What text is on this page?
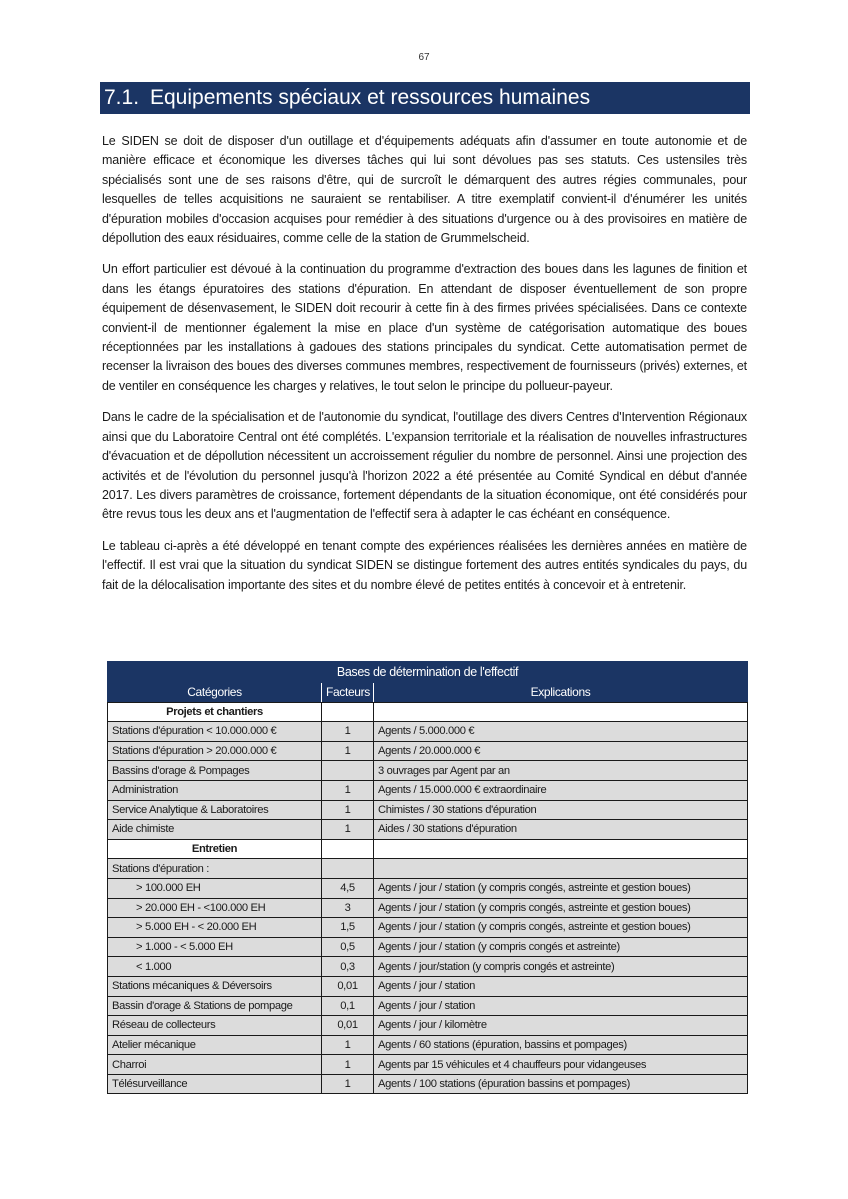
67
7.1. Equipements spéciaux et ressources humaines

Le SIDEN se doit de disposer d'un outillage et d'équipements adéquats afin d'assumer en toute autonomie et de manière efficace et économique les diverses tâches qui lui sont dévolues pas ses statuts. Ces ustensiles très spécialisés sont une de ses raisons d'être, qui de surcroît le démarquent des autres régies communales, pour lesquelles de telles acquisitions ne sauraient se rentabiliser. A titre exemplatif convient-il d'énumérer les unités d'épuration mobiles d'occasion acquises pour remédier à des situations d'urgence ou à des provisoires en matière de dépollution des eaux résiduaires, comme celle de la station de Grummelscheid.

Un effort particulier est dévoué à la continuation du programme d'extraction des boues dans les lagunes de finition et dans les étangs épuratoires des stations d'épuration. En attendant de disposer éventuellement de son propre équipement de désenvasement, le SIDEN doit recourir à cette fin à des firmes privées spécialisées. Dans ce contexte convient-il de mentionner également la mise en place d'un système de catégorisation automatique des boues réceptionnées par les installations à gadoues des stations principales du syndicat. Cette automatisation permet de recenser la livraison des boues des diverses communes membres, respectivement de fournisseurs (privés) externes, et de ventiler en conséquence les charges y relatives, le tout selon le principe du pollueur-payeur.

Dans le cadre de la spécialisation et de l'autonomie du syndicat, l'outillage des divers Centres d'Intervention Régionaux ainsi que du Laboratoire Central ont été complétés. L'expansion territoriale et la réalisation de nouvelles infrastructures d'évacuation et de dépollution nécessitent un accroissement régulier du nombre de personnel. Ainsi une projection des activités et de l'évolution du personnel jusqu'à l'horizon 2022 a été présentée au Comité Syndical en début d'année 2017. Les divers paramètres de croissance, fortement dépendants de la situation économique, ont été considérés pour être revus tous les deux ans et l'augmentation de l'effectif sera à adapter le cas échéant en conséquence.

Le tableau ci-après a été développé en tenant compte des expériences réalisées les dernières années en matière de l'effectif. Il est vrai que la situation du syndicat SIDEN se distingue fortement des autres entités syndicales du pays, du fait de la délocalisation importante des sites et du nombre élevé de petites entités à concevoir et à entretenir.

Bases de détermination de l'effectif		
Catégories	Facteurs	Explications
Projets et chantiers		
Stations d'épuration < 10.000.000 €	1	Agents / 5.000.000 €
Stations d'épuration > 20.000.000 €	1	Agents / 20.000.000 €
Bassins d'orage & Pompages		3 ouvrages par Agent par an
Administration	1	Agents / 15.000.000 € extraordinaire
Service Analytique & Laboratoires	1	Chimistes / 30 stations d'épuration
Aide chimiste	1	Aides / 30 stations d'épuration
Entretien		
Stations d'épuration :		
> 100.000 EH	4,5	Agents / jour / station (y compris congés, astreinte et gestion boues)
> 20.000 EH - <100.000 EH	3	Agents / jour / station (y compris congés, astreinte et gestion boues)
> 5.000 EH - < 20.000 EH	1,5	Agents / jour / station (y compris congés, astreinte et gestion boues)
> 1.000 - < 5.000 EH	0,5	Agents / jour / station (y compris congés et astreinte)
< 1.000	0,3	Agents / jour/station (y compris congés et astreinte)
Stations mécaniques & Déversoirs	0,01	Agents / jour / station
Bassin d'orage & Stations de pompage	0,1	Agents / jour / station
Réseau de collecteurs	0,01	Agents / jour / kilomètre
Atelier mécanique	1	Agents / 60 stations (épuration, bassins et pompages)
Charroi	1	Agents par 15 véhicules et 4 chauffeurs pour vidangeuses
Télésurveillance	1	Agents / 100 stations (épuration bassins et pompages)
